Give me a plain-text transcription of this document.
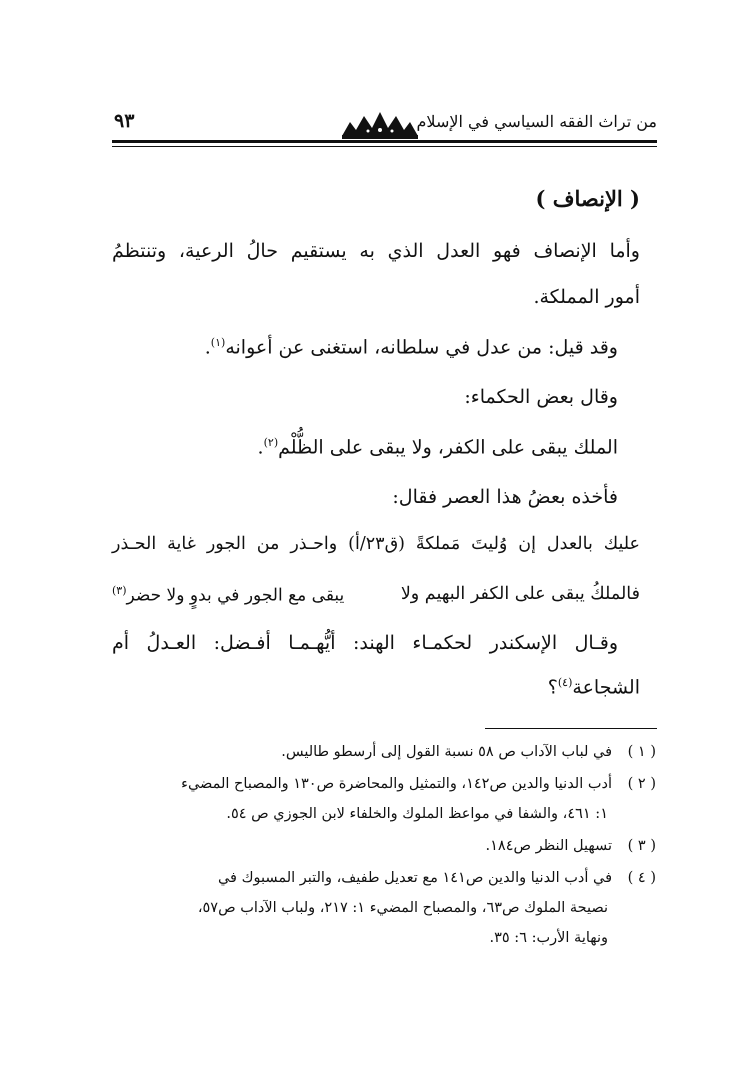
من تراث الفقه السياسي في الإسلام
٩٣
( الإنصاف )
وأما الإنصاف فهو العدل الذي به يستقيم حالُ الرعية، وتنتظمُ
أمور المملكة.
وقد قيل: من عدل في سلطانه، استغنى عن أعوانه$^{(١)}$.
وقال بعض الحكماء:
الملك يبقى على الكفر، ولا يبقى على الظُّلْم$^{(٢)}$.
فأخذه بعضُ هذا العصر فقال:
عليك بالعدل إن وُليتَ مَملكةً (ق٢٣/أ) واحـذر من الجور غاية الحـذر
فالملكُ يبقى على الكفر البهيم ولا
يبقى مع الجور في بدوٍ ولا حضر$^{(٣)}$
وقـال الإسكندر لحكمـاء الهند: أيُّهـمـا أفـضل: العـدلُ أم
الشجاعة$^{(٤)}$؟
( ١ )في لباب الآداب ص ٥٨ نسبة القول إلى أرسطو طاليس.
( ٢ )أدب الدنيا والدين ص١٤٢، والتمثيل والمحاضرة ص١٣٠ والمصباح المضيء
١: ٤٦١، والشفا في مواعظ الملوك والخلفاء لابن الجوزي ص ٥٤.
( ٣ )تسهيل النظر ص١٨٤.
( ٤ )في أدب الدنيا والدين ص١٤١ مع تعديل طفيف، والتبر المسبوك في
نصيحة الملوك ص٦٣، والمصباح المضيء ١: ٢١٧، ولباب الآداب ص٥٧،
ونهاية الأرب: ٦: ٣٥.
